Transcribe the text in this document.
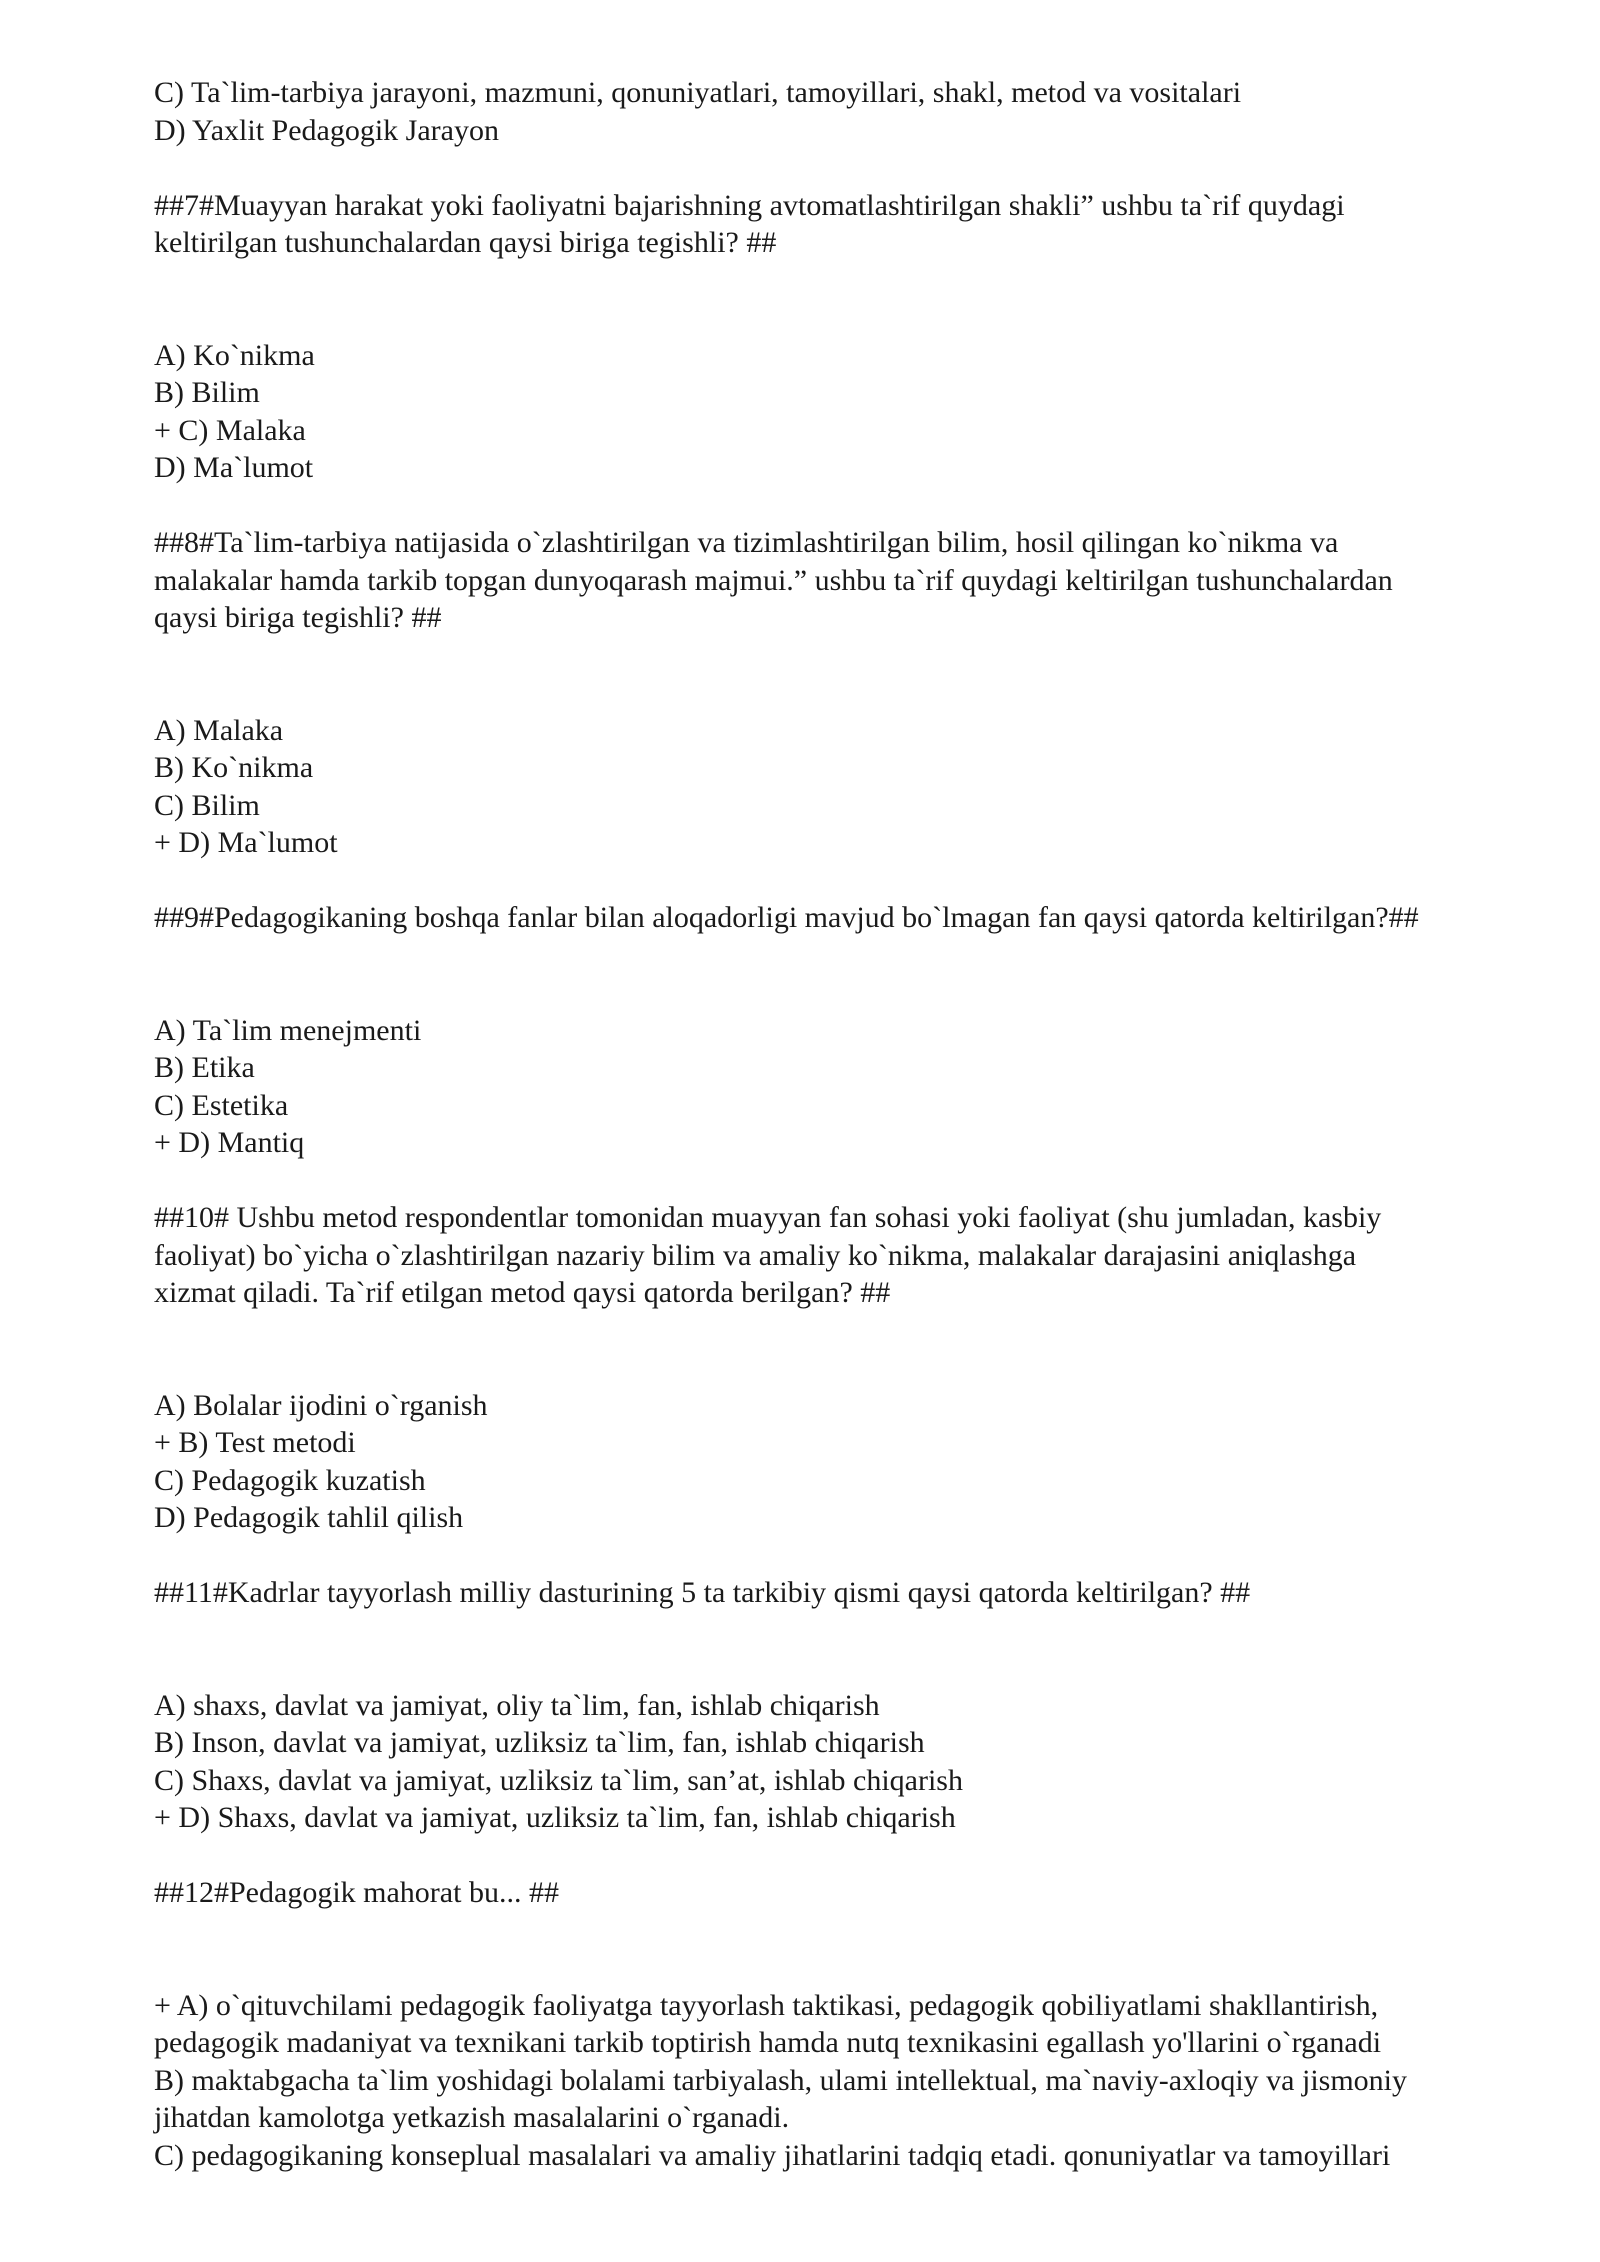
C) Ta`lim-tarbiya jarayoni, mazmuni, qonuniyatlari, tamoyillari, shakl, metod va vositalari
D) Yaxlit Pedagogik Jarayon
##7#Muayyan harakat yoki faoliyatni bajarishning avtomatlashtirilgan shakli” ushbu ta`rif quydagi
keltirilgan tushunchalardan qaysi biriga tegishli? ##
A) Ko`nikma
B) Bilim
+ C) Malaka
D) Ma`lumot
##8#Ta`lim-tarbiya natijasida o`zlashtirilgan va tizimlashtirilgan bilim, hosil qilingan ko`nikma va
malakalar hamda tarkib topgan dunyoqarash majmui.” ushbu ta`rif quydagi keltirilgan tushunchalardan
qaysi biriga tegishli? ##
A) Malaka
B) Ko`nikma
C) Bilim
+ D) Ma`lumot
##9#Pedagogikaning boshqa fanlar bilan aloqadorligi mavjud bo`lmagan fan qaysi qatorda keltirilgan?##
A) Ta`lim menejmenti
B) Etika
C) Estetika
+ D) Mantiq
##10# Ushbu metod respondentlar tomonidan muayyan fan sohasi yoki faoliyat (shu jumladan, kasbiy
faoliyat) bo`yicha o`zlashtirilgan nazariy bilim va amaliy ko`nikma, malakalar darajasini aniqlashga
xizmat qiladi. Ta`rif etilgan metod qaysi qatorda berilgan? ##
A) Bolalar ijodini o`rganish
+ B) Test metodi
C) Pedagogik kuzatish
D) Pedagogik tahlil qilish
##11#Kadrlar tayyorlash milliy dasturining 5 ta tarkibiy qismi qaysi qatorda keltirilgan? ##
A) shaxs, davlat va jamiyat, oliy ta`lim, fan, ishlab chiqarish
B) Inson, davlat va jamiyat, uzliksiz ta`lim, fan, ishlab chiqarish
C) Shaxs, davlat va jamiyat, uzliksiz ta`lim, san’at, ishlab chiqarish
+ D) Shaxs, davlat va jamiyat, uzliksiz ta`lim, fan, ishlab chiqarish
##12#Pedagogik mahorat bu... ##
+ A) o`qituvchilami pedagogik faoliyatga tayyorlash taktikasi, pedagogik qobiliyatlami shakllantirish,
pedagogik madaniyat va texnikani tarkib toptirish hamda nutq texnikasini egallash yo'llarini o`rganadi
B) maktabgacha ta`lim yoshidagi bolalami tarbiyalash, ulami intellektual, ma`naviy-axloqiy va jismoniy
jihatdan kamolotga yetkazish masalalarini o`rganadi.
C) pedagogikaning konseplual masalalari va amaliy jihatlarini tadqiq etadi. qonuniyatlar va tamoyillari
